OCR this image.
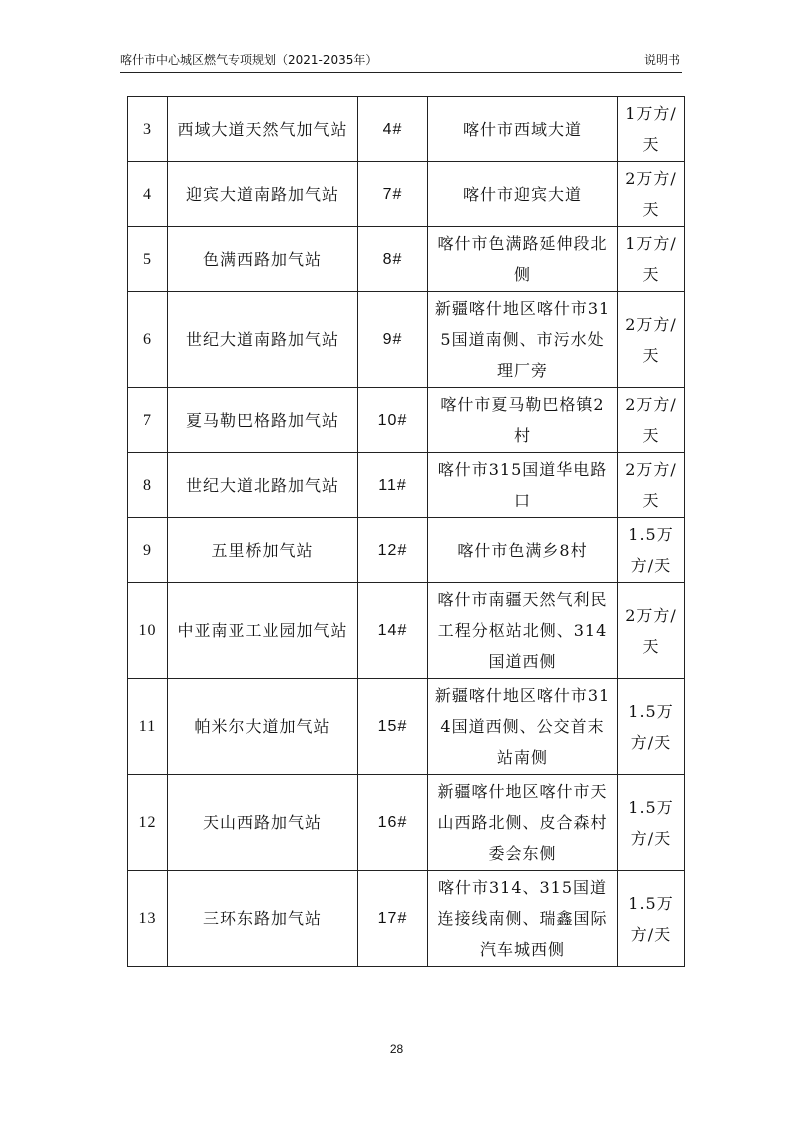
喀什市中心城区燃气专项规划（2021-2035年）	说明书
3	西域大道天然气加气站	4#	喀什市西域大道	1万方/天
4	迎宾大道南路加气站	7#	喀什市迎宾大道	2万方/天
5	色满西路加气站	8#	喀什市色满路延伸段北侧	1万方/天
6	世纪大道南路加气站	9#	新疆喀什地区喀什市315国道南侧、市污水处理厂旁	2万方/天
7	夏马勒巴格路加气站	10#	喀什市夏马勒巴格镇2村	2万方/天
8	世纪大道北路加气站	11#	喀什市315国道华电路口	2万方/天
9	五里桥加气站	12#	喀什市色满乡8村	1.5万方/天
10	中亚南亚工业园加气站	14#	喀什市南疆天然气利民工程分枢站北侧、314国道西侧	2万方/天
11	帕米尔大道加气站	15#	新疆喀什地区喀什市314国道西侧、公交首末站南侧	1.5万方/天
12	天山西路加气站	16#	新疆喀什地区喀什市天山西路北侧、皮合森村委会东侧	1.5万方/天
13	三环东路加气站	17#	喀什市314、315国道连接线南侧、瑞鑫国际汽车城西侧	1.5万方/天
28
